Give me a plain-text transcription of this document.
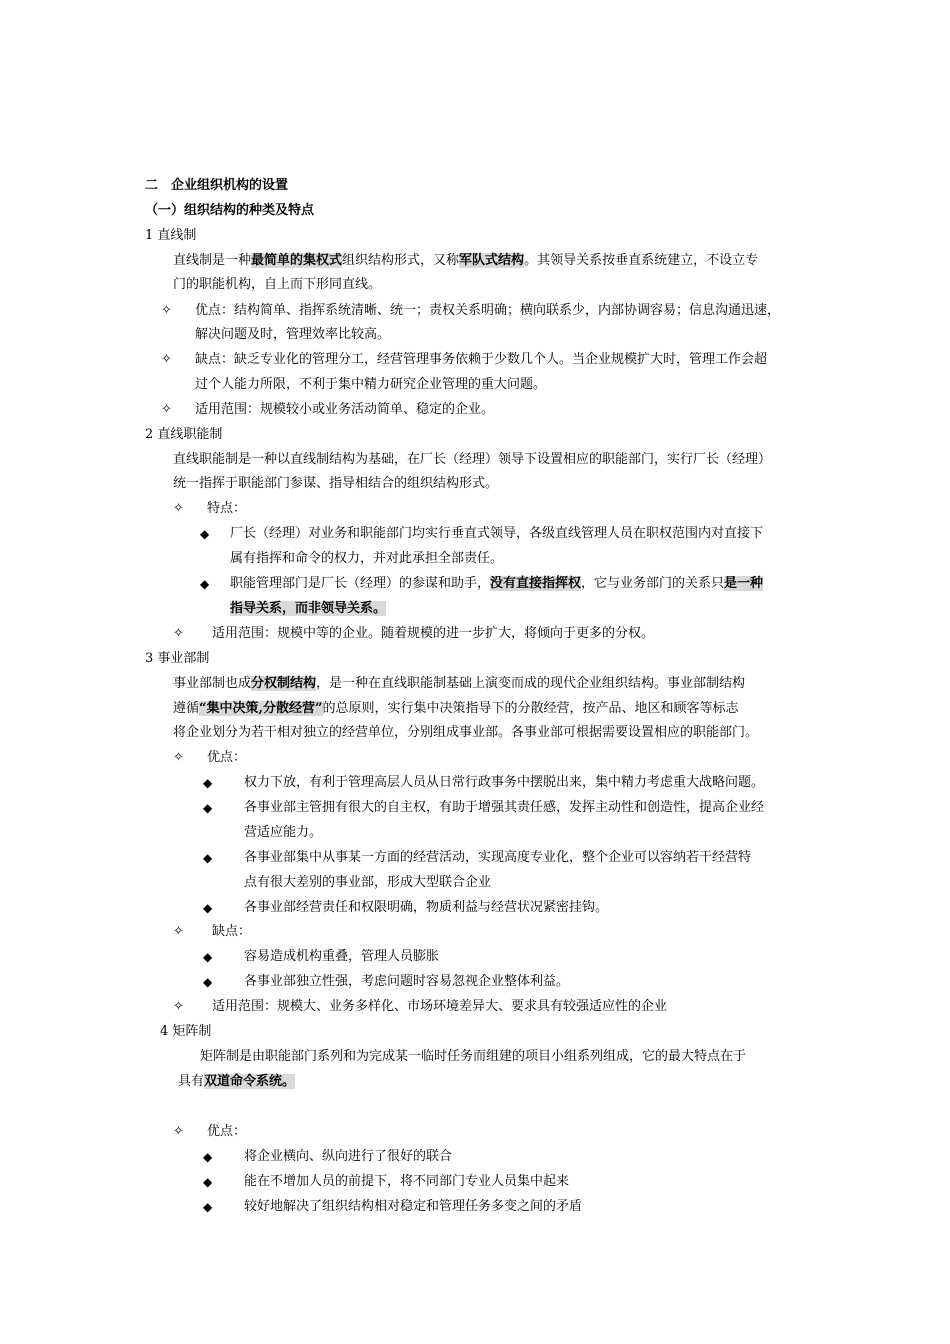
二　企业组织机构的设置
（一）组织结构的种类及特点
1 直线制
直线制是一种最简单的集权式组织结构形式，又称军队式结构。其领导关系按垂直系统建立，不设立专
门的职能机构，自上而下形同直线。
✧ 优点：结构简单、指挥系统清晰、统一；责权关系明确；横向联系少，内部协调容易；信息沟通迅速，
解决问题及时，管理效率比较高。
✧ 缺点：缺乏专业化的管理分工，经营管理事务依赖于少数几个人。当企业规模扩大时，管理工作会超
过个人能力所限，不利于集中精力研究企业管理的重大问题。
✧ 适用范围：规模较小或业务活动简单、稳定的企业。
2 直线职能制
直线职能制是一种以直线制结构为基础，在厂长（经理）领导下设置相应的职能部门，实行厂长（经理）
统一指挥于职能部门参谋、指导相结合的组织结构形式。
✧ 特点：
◆ 厂长（经理）对业务和职能部门均实行垂直式领导，各级直线管理人员在职权范围内对直接下
属有指挥和命令的权力，并对此承担全部责任。
◆ 职能管理部门是厂长（经理）的参谋和助手，没有直接指挥权，它与业务部门的关系只是一种
指导关系，而非领导关系。
✧ 适用范围：规模中等的企业。随着规模的进一步扩大，将倾向于更多的分权。
3 事业部制
事业部制也成分权制结构，是一种在直线职能制基础上演变而成的现代企业组织结构。事业部制结构
遵循“集中决策,分散经营”的总原则，实行集中决策指导下的分散经营，按产品、地区和顾客等标志
将企业划分为若干相对独立的经营单位，分别组成事业部。各事业部可根据需要设置相应的职能部门。
✧ 优点：
◆ 权力下放，有利于管理高层人员从日常行政事务中摆脱出来，集中精力考虑重大战略问题。
◆ 各事业部主管拥有很大的自主权，有助于增强其责任感，发挥主动性和创造性，提高企业经
营适应能力。
◆ 各事业部集中从事某一方面的经营活动，实现高度专业化，整个企业可以容纳若干经营特
点有很大差别的事业部，形成大型联合企业
◆ 各事业部经营责任和权限明确，物质利益与经营状况紧密挂钩。
✧ 缺点：
◆ 容易造成机构重叠，管理人员膨胀
◆ 各事业部独立性强，考虑问题时容易忽视企业整体利益。
✧ 适用范围：规模大、业务多样化、市场环境差异大、要求具有较强适应性的企业
4 矩阵制
矩阵制是由职能部门系列和为完成某一临时任务而组建的项目小组系列组成，它的最大特点在于
具有双道命令系统。
✧ 优点：
◆ 将企业横向、纵向进行了很好的联合
◆ 能在不增加人员的前提下，将不同部门专业人员集中起来
◆ 较好地解决了组织结构相对稳定和管理任务多变之间的矛盾
